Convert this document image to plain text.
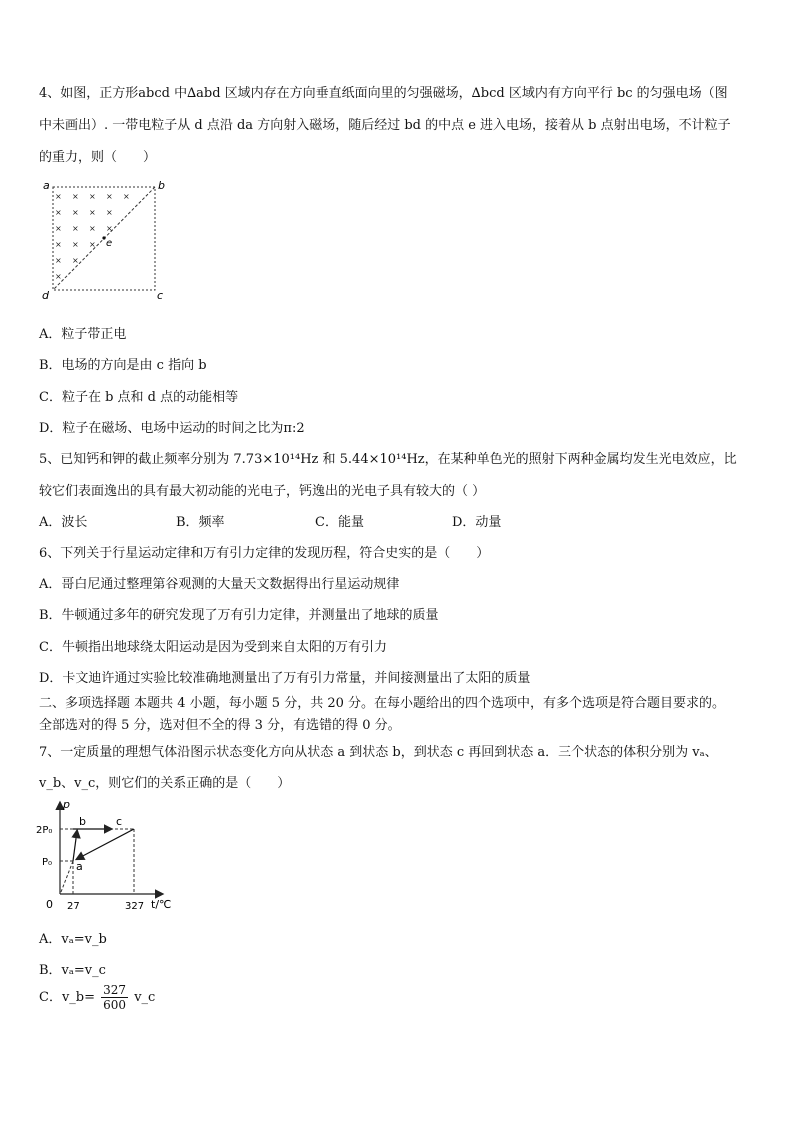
4、如图，正方形abcd 中∆abd 区域内存在方向垂直纸面向里的匀强磁场，∆bcd 区域内有方向平行 bc 的匀强电场（图
中未画出）. 一带电粒子从 d 点沿 da 方向射入磁场，随后经过 bd 的中点 e 进入电场，接着从 b 点射出电场，不计粒子
的重力，则（　　）
× × × × ×
× × × ×
× × × ×
× × ×
× ×
×
a	b
c
d
e
A．粒子带正电
B．电场的方向是由 c 指向 b
C．粒子在 b 点和 d 点的动能相等
D．粒子在磁场、电场中运动的时间之比为π:2
5、已知钙和钾的截止频率分别为 7.73×10¹⁴Hz 和 5.44×10¹⁴Hz，在某种单色光的照射下两种金属均发生光电效应，比
较它们表面逸出的具有最大初动能的光电子，钙逸出的光电子具有较大的（ ）
A．波长	B．频率	C．能量	D．动量
6、下列关于行星运动定律和万有引力定律的发现历程，符合史实的是（　　）
A．哥白尼通过整理第谷观测的大量天文数据得出行星运动规律
B．牛顿通过多年的研究发现了万有引力定律，并测量出了地球的质量
C．牛顿指出地球绕太阳运动是因为受到来自太阳的万有引力
D．卡文迪许通过实验比较准确地测量出了万有引力常量，并间接测量出了太阳的质量
二、多项选择题 本题共 4 小题，每小题 5 分，共 20 分。在每小题给出的四个选项中，有多个选项是符合题目要求的。
全部选对的得 5 分，选对但不全的得 3 分，有选错的得 0 分。
7、一定质量的理想气体沿图示状态变化方向从状态 a 到状态 b，到状态 c 再回到状态 a．三个状态的体积分别为 vₐ、
v_b、v_c，则它们的关系正确的是（　　）
p
t/℃
0
2P₀
P₀
27	327
a
b	c
A．vₐ=v_b
B．vₐ=v_c
C．v_b= $\frac{327}{600}$ v_c
